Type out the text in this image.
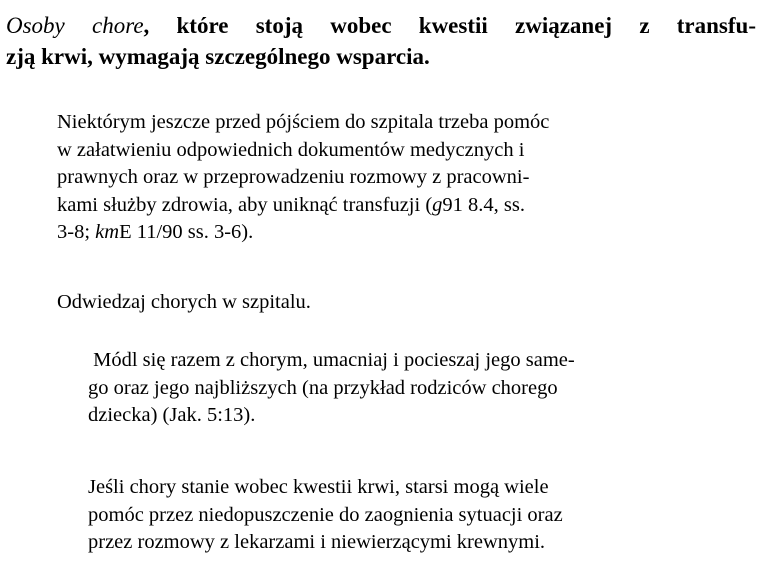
Osoby chore, które stoją wobec kwestii związanej z transfu-
zją krwi, wymagają szczególnego wsparcia.

Niektórym jeszcze przed pójściem do szpitala trzeba pomóc
w załatwieniu odpowiednich dokumentów medycznych i
prawnych oraz w przeprowadzeniu rozmowy z pracowni-
kami służby zdrowia, aby uniknąć transfuzji (g91 8.4, ss.
3-8; kmE 11/90 ss. 3-6).

Odwiedzaj chorych w szpitalu.

Módl się razem z chorym, umacniaj i pocieszaj jego same-
go oraz jego najbliższych (na przykład rodziców chorego
dziecka) (Jak. 5:13).

Jeśli chory stanie wobec kwestii krwi, starsi mogą wiele
pomóc przez niedopuszczenie do zaognienia sytuacji oraz
przez rozmowy z lekarzami i niewierzącymi krewnymi.
